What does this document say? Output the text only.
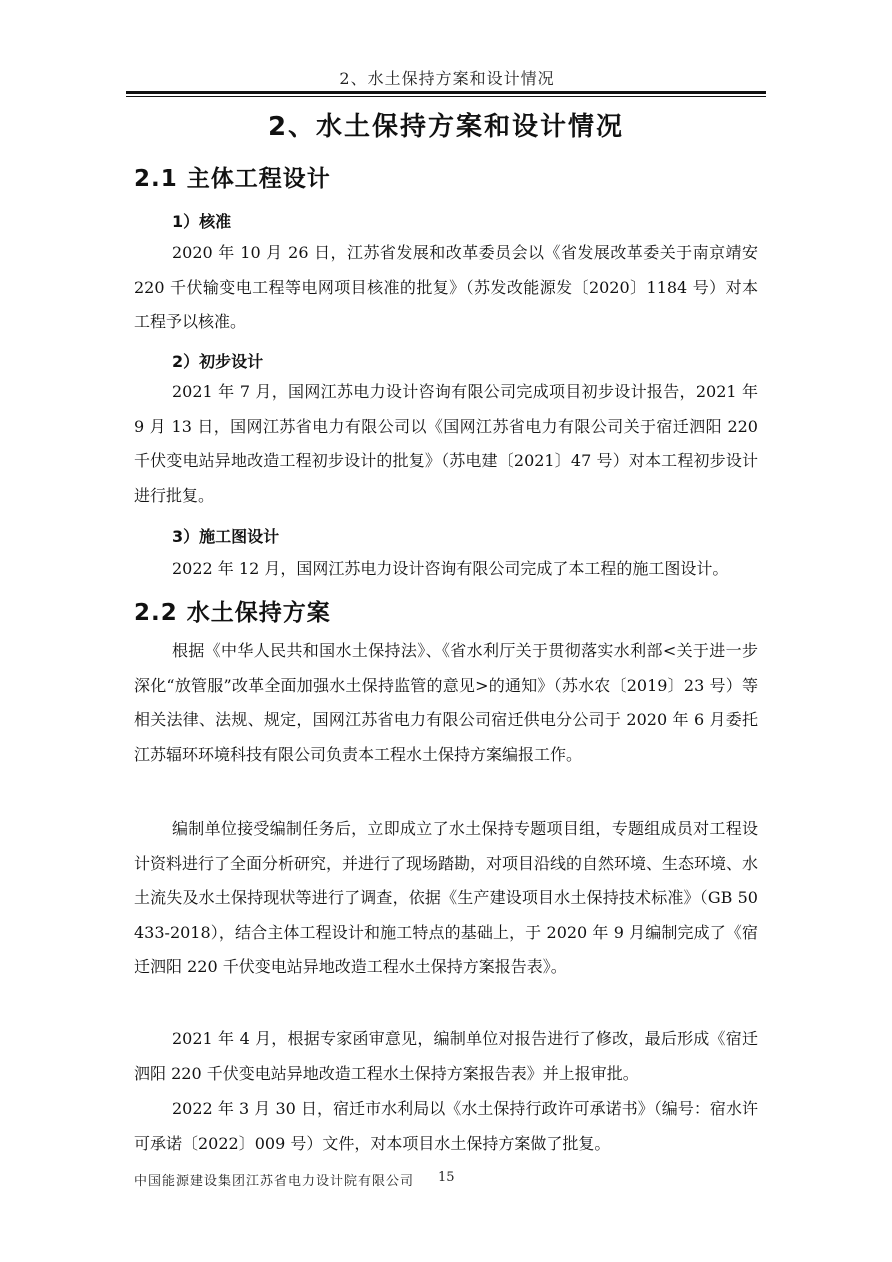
2、水土保持方案和设计情况
2、水土保持方案和设计情况
2.1 主体工程设计
1）核准

2020 年 10 月 26 日，江苏省发展和改革委员会以《省发展改革委关于南京靖安 220 千伏输变电工程等电网项目核准的批复》（苏发改能源发〔2020〕1184 号）对本工程予以核准。

2）初步设计

2021 年 7 月，国网江苏电力设计咨询有限公司完成项目初步设计报告，2021 年 9 月 13 日，国网江苏省电力有限公司以《国网江苏省电力有限公司关于宿迁泗阳 220 千伏变电站异地改造工程初步设计的批复》（苏电建〔2021〕47 号）对本工程初步设计进行批复。

3）施工图设计

2022 年 12 月，国网江苏电力设计咨询有限公司完成了本工程的施工图设计。

2.2 水土保持方案

根据《中华人民共和国水土保持法》、《省水利厅关于贯彻落实水利部<关于进一步深化“放管服”改革全面加强水土保持监管的意见>的通知》（苏水农〔2019〕23 号）等相关法律、法规、规定，国网江苏省电力有限公司宿迁供电分公司于 2020 年 6 月委托江苏辐环环境科技有限公司负责本工程水土保持方案编报工作。

编制单位接受编制任务后，立即成立了水土保持专题项目组，专题组成员对工程设计资料进行了全面分析研究，并进行了现场踏勘，对项目沿线的自然环境、生态环境、水土流失及水土保持现状等进行了调查，依据《生产建设项目水土保持技术标准》（GB 50433-2018），结合主体工程设计和施工特点的基础上，于 2020 年 9 月编制完成了《宿迁泗阳 220 千伏变电站异地改造工程水土保持方案报告表》。

2021 年 4 月，根据专家函审意见，编制单位对报告进行了修改，最后形成《宿迁泗阳 220 千伏变电站异地改造工程水土保持方案报告表》并上报审批。

2022 年 3 月 30 日，宿迁市水利局以《水土保持行政许可承诺书》（编号：宿水许可承诺〔2022〕009 号）文件，对本项目水土保持方案做了批复。

中国能源建设集团江苏省电力设计院有限公司 15
